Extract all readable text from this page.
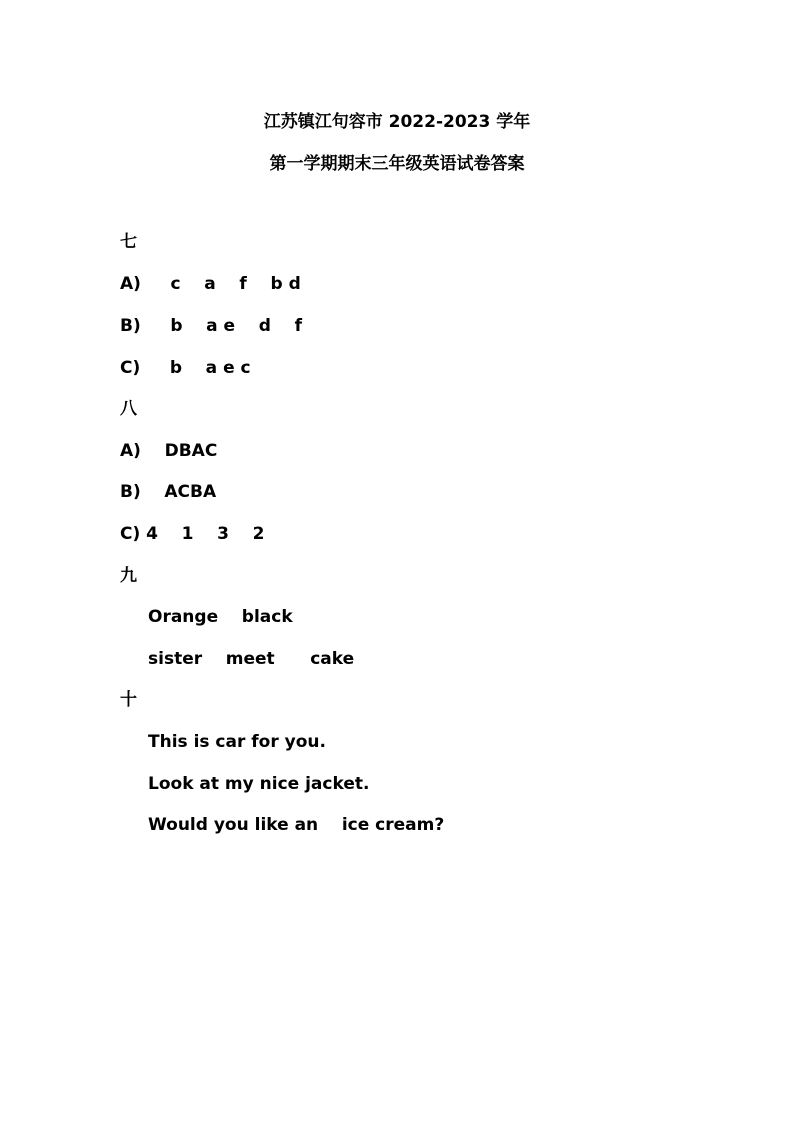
江苏镇江句容市 2022-2023 学年
第一学期期末三年级英语试卷答案
七
A)     c    a    f    b d
B)     b    a e    d    f
C)     b    a e c
八
A)    DBAC
B)    ACBA
C) 4    1    3    2
九
Orange    black
sister    meet      cake
十
This is car for you.
Look at my nice jacket.
Would you like an    ice cream?
